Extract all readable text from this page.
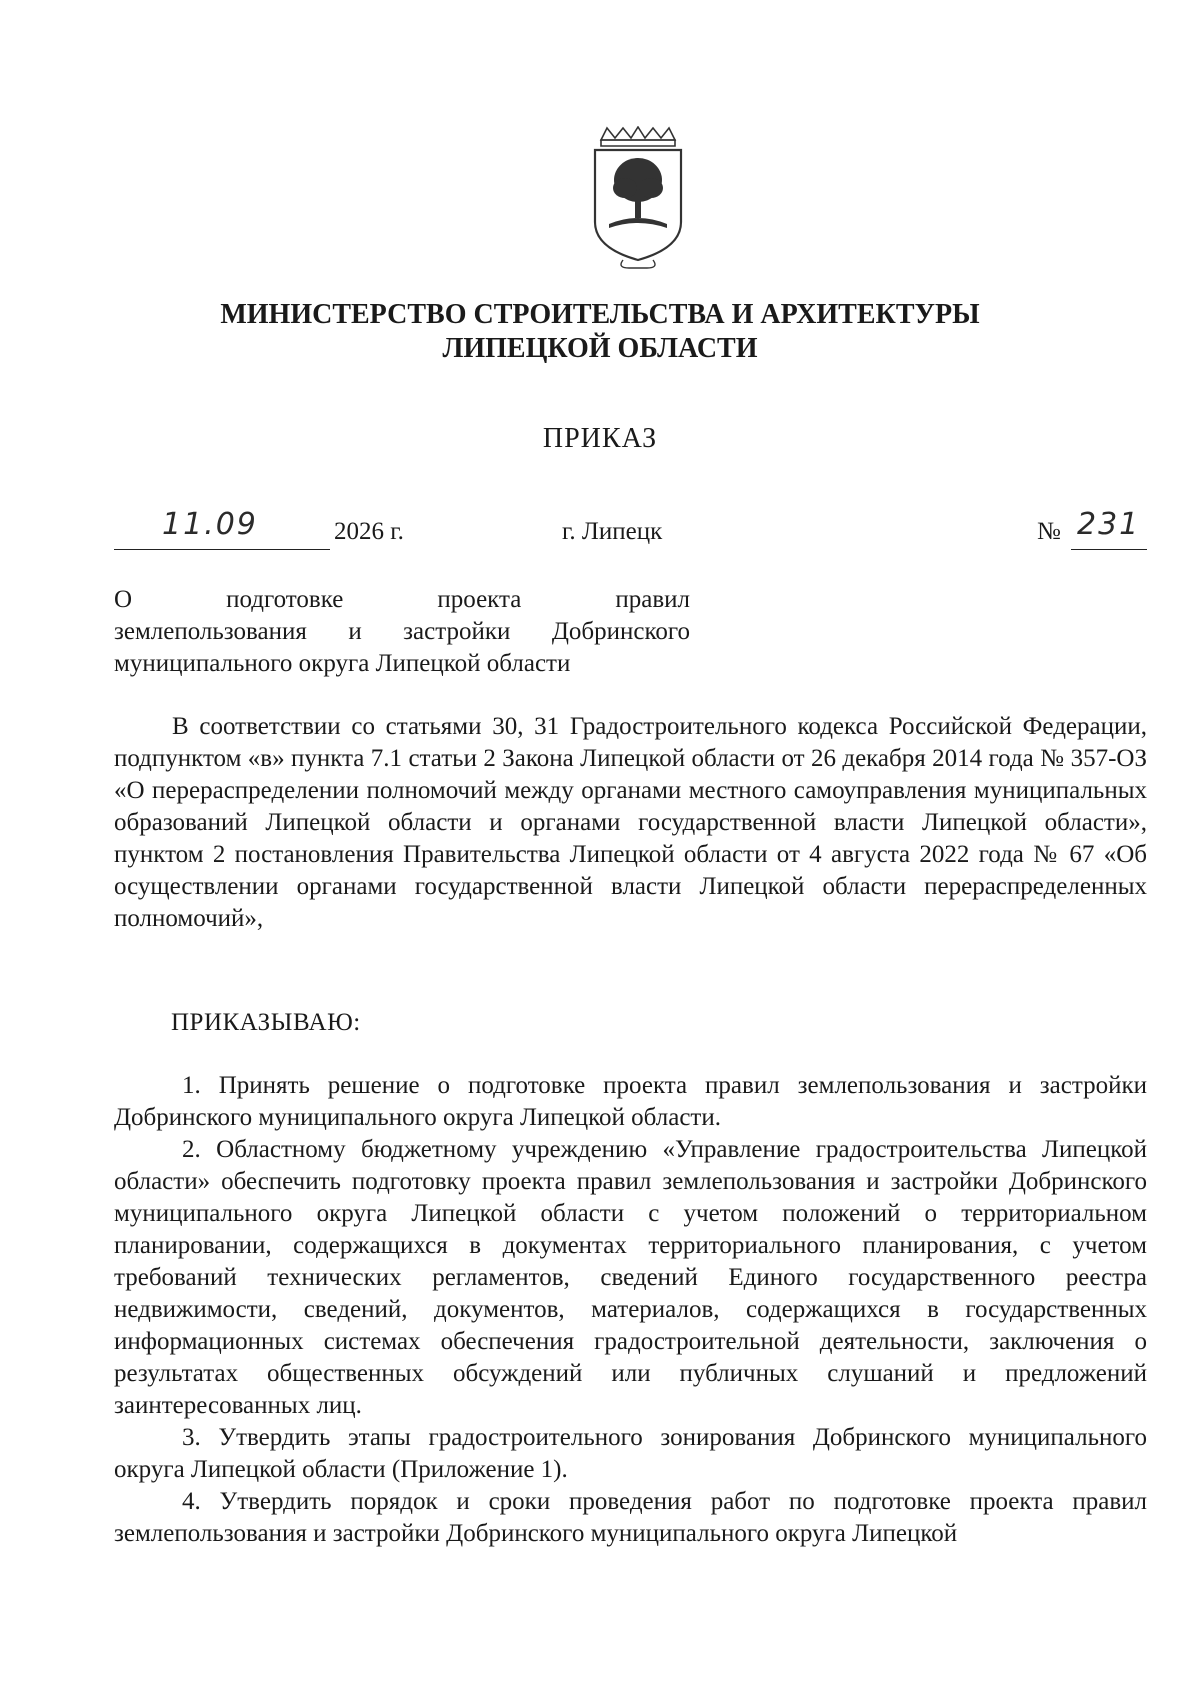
МИНИСТЕРСТВО СТРОИТЕЛЬСТВА И АРХИТЕКТУРЫ
ЛИПЕЦКОЙ ОБЛАСТИ
ПРИКАЗ
11.09	2026 г.	г. Липецк	№ 231
О	подготовке	проекта	правил
землепользования и застройки Добринского
муниципального округа Липецкой области
В соответствии со статьями 30, 31 Градостроительного кодекса Российской Федерации, подпунктом «в» пункта 7.1 статьи 2 Закона Липецкой области от 26 декабря 2014 года № 357-ОЗ «О перераспределении полномочий между органами местного самоуправления муниципальных образований Липецкой области и органами государственной власти Липецкой области», пунктом 2 постановления Правительства Липецкой области от 4 августа 2022 года № 67 «Об осуществлении органами государственной власти Липецкой области перераспределенных полномочий»,
ПРИКАЗЫВАЮ:

1. Принять решение о подготовке проекта правил землепользования и застройки Добринского муниципального округа Липецкой области.

2. Областному бюджетному учреждению «Управление градостроительства Липецкой области» обеспечить подготовку проекта правил землепользования и застройки Добринского муниципального округа Липецкой области с учетом положений о территориальном планировании, содержащихся в документах территориального планирования, с учетом требований технических регламентов, сведений Единого государственного реестра недвижимости, сведений, документов, материалов, содержащихся в государственных информационных системах обеспечения градостроительной деятельности, заключения о результатах общественных обсуждений или публичных слушаний и предложений заинтересованных лиц.

3. Утвердить этапы градостроительного зонирования Добринского муниципального округа Липецкой области (Приложение 1).

4. Утвердить порядок и сроки проведения работ по подготовке проекта правил землепользования и застройки Добринского муниципального округа Липецкой
